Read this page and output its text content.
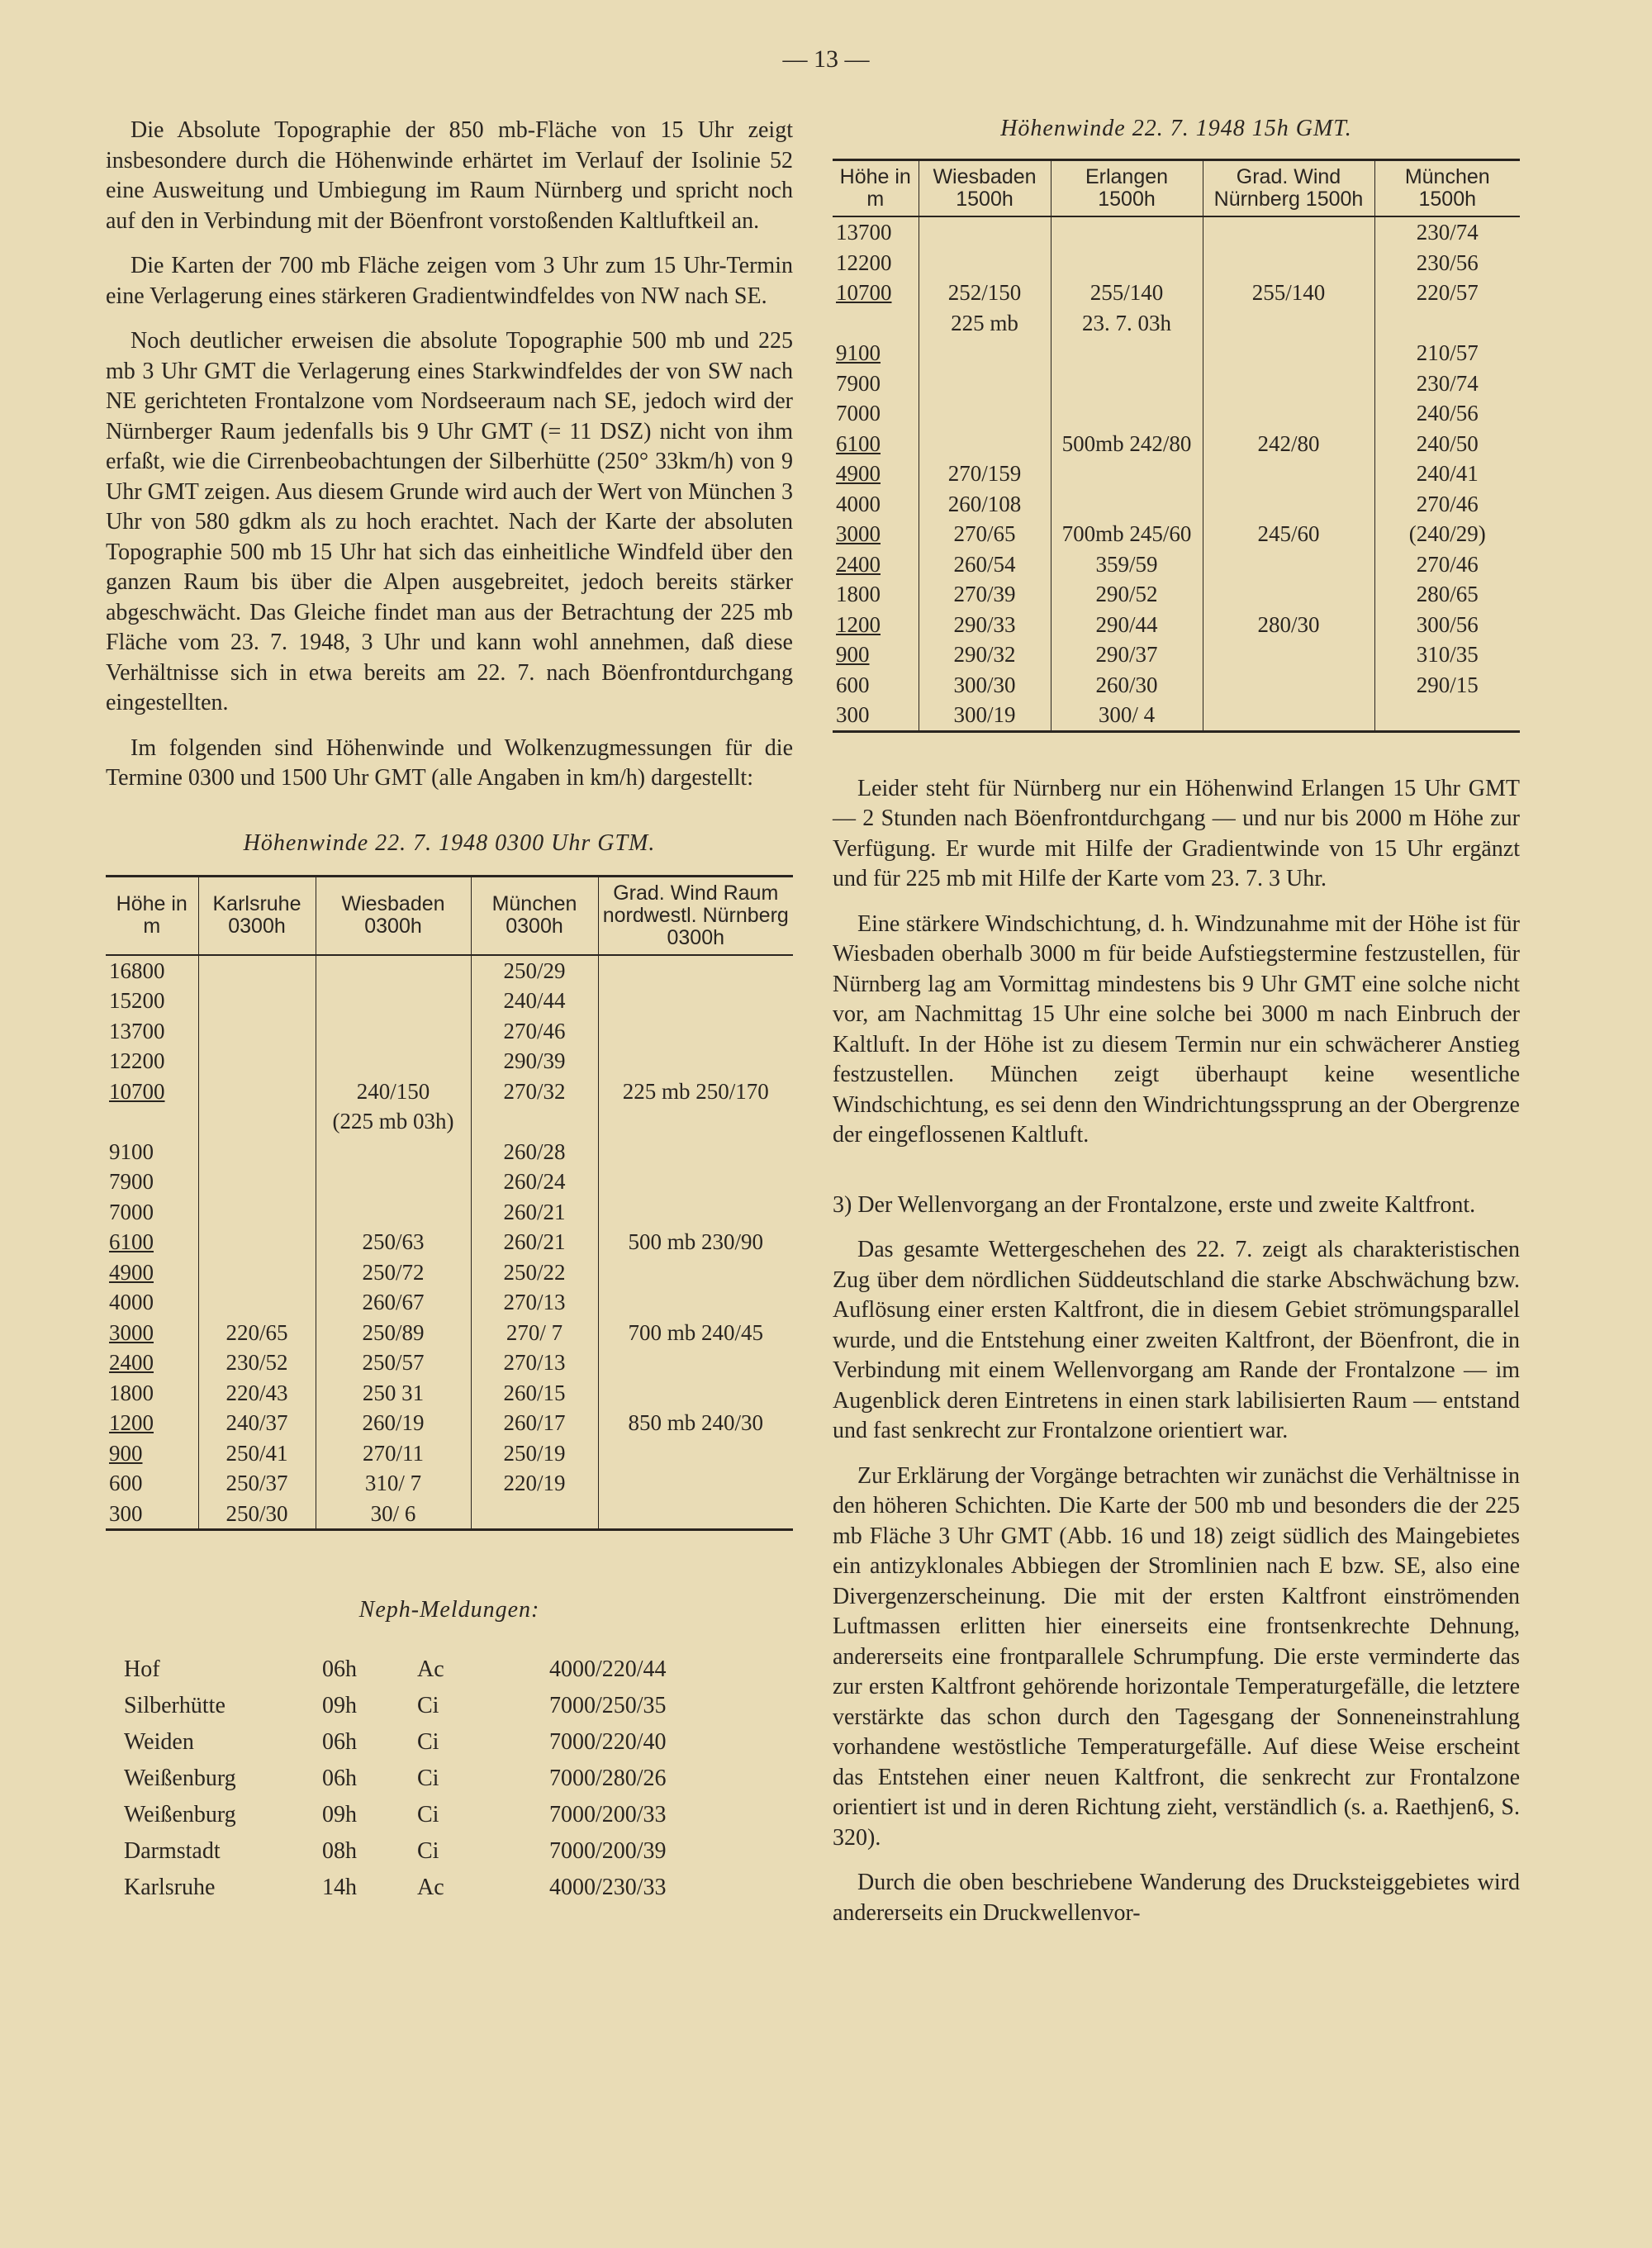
— 13 —

Die Absolute Topographie der 850 mb-Fläche von 15 Uhr zeigt insbesondere durch die Höhenwinde erhärtet im Verlauf der Isolinie 52 eine Ausweitung und Umbiegung im Raum Nürnberg und spricht noch auf den in Verbindung mit der Böenfront vorstoßenden Kaltluftkeil an.

Die Karten der 700 mb Fläche zeigen vom 3 Uhr zum 15 Uhr-Termin eine Verlagerung eines stärkeren Gradientwindfeldes von NW nach SE.

Noch deutlicher erweisen die absolute Topographie 500 mb und 225 mb 3 Uhr GMT die Verlagerung eines Starkwindfeldes der von SW nach NE gerichteten Frontalzone vom Nordseeraum nach SE, jedoch wird der Nürnberger Raum jedenfalls bis 9 Uhr GMT (= 11 DSZ) nicht von ihm erfaßt, wie die Cirrenbeobachtungen der Silberhütte (250° 33km/h) von 9 Uhr GMT zeigen. Aus diesem Grunde wird auch der Wert von München 3 Uhr von 580 gdkm als zu hoch erachtet. Nach der Karte der absoluten Topographie 500 mb 15 Uhr hat sich das einheitliche Windfeld über den ganzen Raum bis über die Alpen ausgebreitet, jedoch bereits stärker abgeschwächt. Das Gleiche findet man aus der Betrachtung der 225 mb Fläche vom 23. 7. 1948, 3 Uhr und kann wohl annehmen, daß diese Verhältnisse sich in etwa bereits am 22. 7. nach Böenfrontdurchgang eingestellten.

Im folgenden sind Höhenwinde und Wolkenzugmessungen für die Termine 0300 und 1500 Uhr GMT (alle Angaben in km/h) dargestellt:

Höhenwinde 22. 7. 1948 0300 Uhr GTM.
Höhe in m	Karlsruhe 0300h	Wiesbaden 0300h	München 0300h	Grad. Wind Raum nordwestl. Nürnberg 0300h
16800			250/29	
15200			240/44	
13700			270/46	
12200			290/39	
10700		240/150	270/32	225 mb 250/170
		(225 mb 03h)		
9100			260/28	
7900			260/24	
7000			260/21	
6100		250/63	260/21	500 mb 230/90
4900		250/72	250/22	
4000		260/67	270/13	
3000	220/65	250/89	270/ 7	700 mb 240/45
2400	230/52	250/57	270/13	
1800	220/43	250 31	260/15	
1200	240/37	260/19	260/17	850 mb 240/30
900	250/41	270/11	250/19	
600	250/37	310/ 7	220/19	
300	250/30	30/ 6		
Neph-Meldungen:
Hof	06h	Ac	4000/220/44
Silberhütte	09h	Ci	7000/250/35
Weiden	06h	Ci	7000/220/40
Weißenburg	06h	Ci	7000/280/26
Weißenburg	09h	Ci	7000/200/33
Darmstadt	08h	Ci	7000/200/39
Karlsruhe	14h	Ac	4000/230/33
Höhenwinde 22. 7. 1948 15h GMT.
Höhe in m	Wiesbaden 1500h	Erlangen 1500h	Grad. Wind Nürnberg 1500h	München 1500h
13700				230/74
12200				230/56
10700	252/150	255/140	255/140	220/57
	225 mb	23. 7. 03h		
9100				210/57
7900				230/74
7000				240/56
6100		500mb 242/80	242/80	240/50
4900	270/159			240/41
4000	260/108			270/46
3000	270/65	700mb 245/60	245/60	(240/29)
2400	260/54	359/59		270/46
1800	270/39	290/52		280/65
1200	290/33	290/44	280/30	300/56
900	290/32	290/37		310/35
600	300/30	260/30		290/15
300	300/19	300/ 4		

Leider steht für Nürnberg nur ein Höhenwind Erlangen 15 Uhr GMT — 2 Stunden nach Böenfrontdurchgang — und nur bis 2000 m Höhe zur Verfügung. Er wurde mit Hilfe der Gradientwinde von 15 Uhr ergänzt und für 225 mb mit Hilfe der Karte vom 23. 7. 3 Uhr.

Eine stärkere Windschichtung, d. h. Windzunahme mit der Höhe ist für Wiesbaden oberhalb 3000 m für beide Aufstiegstermine festzustellen, für Nürnberg lag am Vormittag mindestens bis 9 Uhr GMT eine solche nicht vor, am Nachmittag 15 Uhr eine solche bei 3000 m nach Einbruch der Kaltluft. In der Höhe ist zu diesem Termin nur ein schwächerer Anstieg festzustellen. München zeigt überhaupt keine wesentliche Windschichtung, es sei denn den Windrichtungssprung an der Obergrenze der eingeflossenen Kaltluft.

3) Der Wellenvorgang an der Frontalzone, erste und zweite Kaltfront.

Das gesamte Wettergeschehen des 22. 7. zeigt als charakteristischen Zug über dem nördlichen Süddeutschland die starke Abschwächung bzw. Auflösung einer ersten Kaltfront, die in diesem Gebiet strömungsparallel wurde, und die Entstehung einer zweiten Kaltfront, der Böenfront, die in Verbindung mit einem Wellenvorgang am Rande der Frontalzone — im Augenblick deren Eintretens in einen stark labilisierten Raum — entstand und fast senkrecht zur Frontalzone orientiert war.

Zur Erklärung der Vorgänge betrachten wir zunächst die Verhältnisse in den höheren Schichten. Die Karte der 500 mb und besonders die der 225 mb Fläche 3 Uhr GMT (Abb. 16 und 18) zeigt südlich des Maingebietes ein antizyklonales Abbiegen der Stromlinien nach E bzw. SE, also eine Divergenzerscheinung. Die mit der ersten Kaltfront einströmenden Luftmassen erlitten hier einerseits eine frontsenkrechte Dehnung, andererseits eine frontparallele Schrumpfung. Die erste verminderte das zur ersten Kaltfront gehörende horizontale Temperaturgefälle, die letztere verstärkte das schon durch den Tagesgang der Sonneneinstrahlung vorhandene westöstliche Temperaturgefälle. Auf diese Weise erscheint das Entstehen einer neuen Kaltfront, die senkrecht zur Frontalzone orientiert ist und in deren Richtung zieht, verständlich (s. a. Raethjen6, S. 320).

Durch die oben beschriebene Wanderung des Drucksteiggebietes wird andererseits ein Druckwellenvor-
